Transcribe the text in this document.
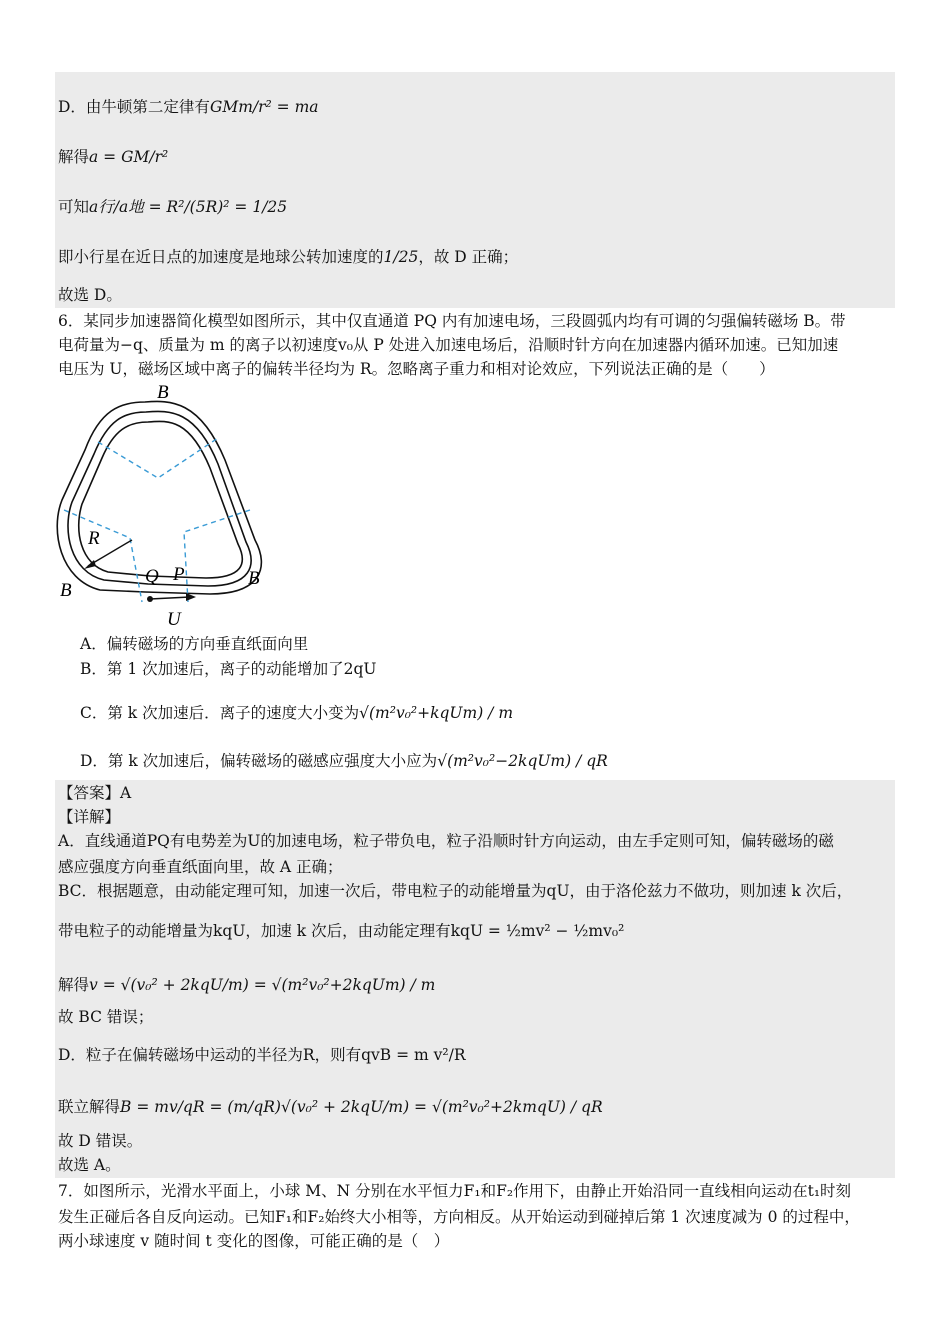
D．由牛顿第二定律有GMm/r² = ma
解得a = GM/r²
可知a行/a地 = R²/(5R)² = 1/25
即小行星在近日点的加速度是地球公转加速度的1/25，故 D 正确；
故选 D。
6．某同步加速器简化模型如图所示，其中仅直通道 PQ 内有加速电场，三段圆弧内均有可调的匀强偏转磁场 B。带
电荷量为−q、质量为 m 的离子以初速度v₀从 P 处进入加速电场后，沿顺时针方向在加速器内循环加速。已知加速
电压为 U，磁场区域中离子的偏转半径均为 R。忽略离子重力和相对论效应，下列说法正确的是（　　）
B
B
B
R
Q P
U
A．偏转磁场的方向垂直纸面向里
B．第 1 次加速后，离子的动能增加了2qU
C．第 k 次加速后．离子的速度大小变为√(m²v₀²+kqUm) / m
D．第 k 次加速后，偏转磁场的磁感应强度大小应为√(m²v₀²−2kqUm) / qR
【答案】A
【详解】
A．直线通道PQ有电势差为U的加速电场，粒子带负电，粒子沿顺时针方向运动，由左手定则可知，偏转磁场的磁
感应强度方向垂直纸面向里，故 A 正确；
BC．根据题意，由动能定理可知，加速一次后，带电粒子的动能增量为qU，由于洛伦兹力不做功，则加速 k 次后，
带电粒子的动能增量为kqU，加速 k 次后，由动能定理有kqU = ½mv² − ½mv₀²
解得v = √(v₀² + 2kqU/m) = √(m²v₀²+2kqUm) / m
故 BC 错误；
D．粒子在偏转磁场中运动的半径为R，则有qvB = m v²/R
联立解得B = mv/qR = (m/qR)√(v₀² + 2kqU/m) = √(m²v₀²+2kmqU) / qR
故 D 错误。
故选 A。
7．如图所示，光滑水平面上，小球 M、N 分别在水平恒力F₁和F₂作用下，由静止开始沿同一直线相向运动在t₁时刻
发生正碰后各自反向运动。已知F₁和F₂始终大小相等，方向相反。从开始运动到碰掉后第 1 次速度减为 0 的过程中，
两小球速度 v 随时间 t 变化的图像，可能正确的是（　）
